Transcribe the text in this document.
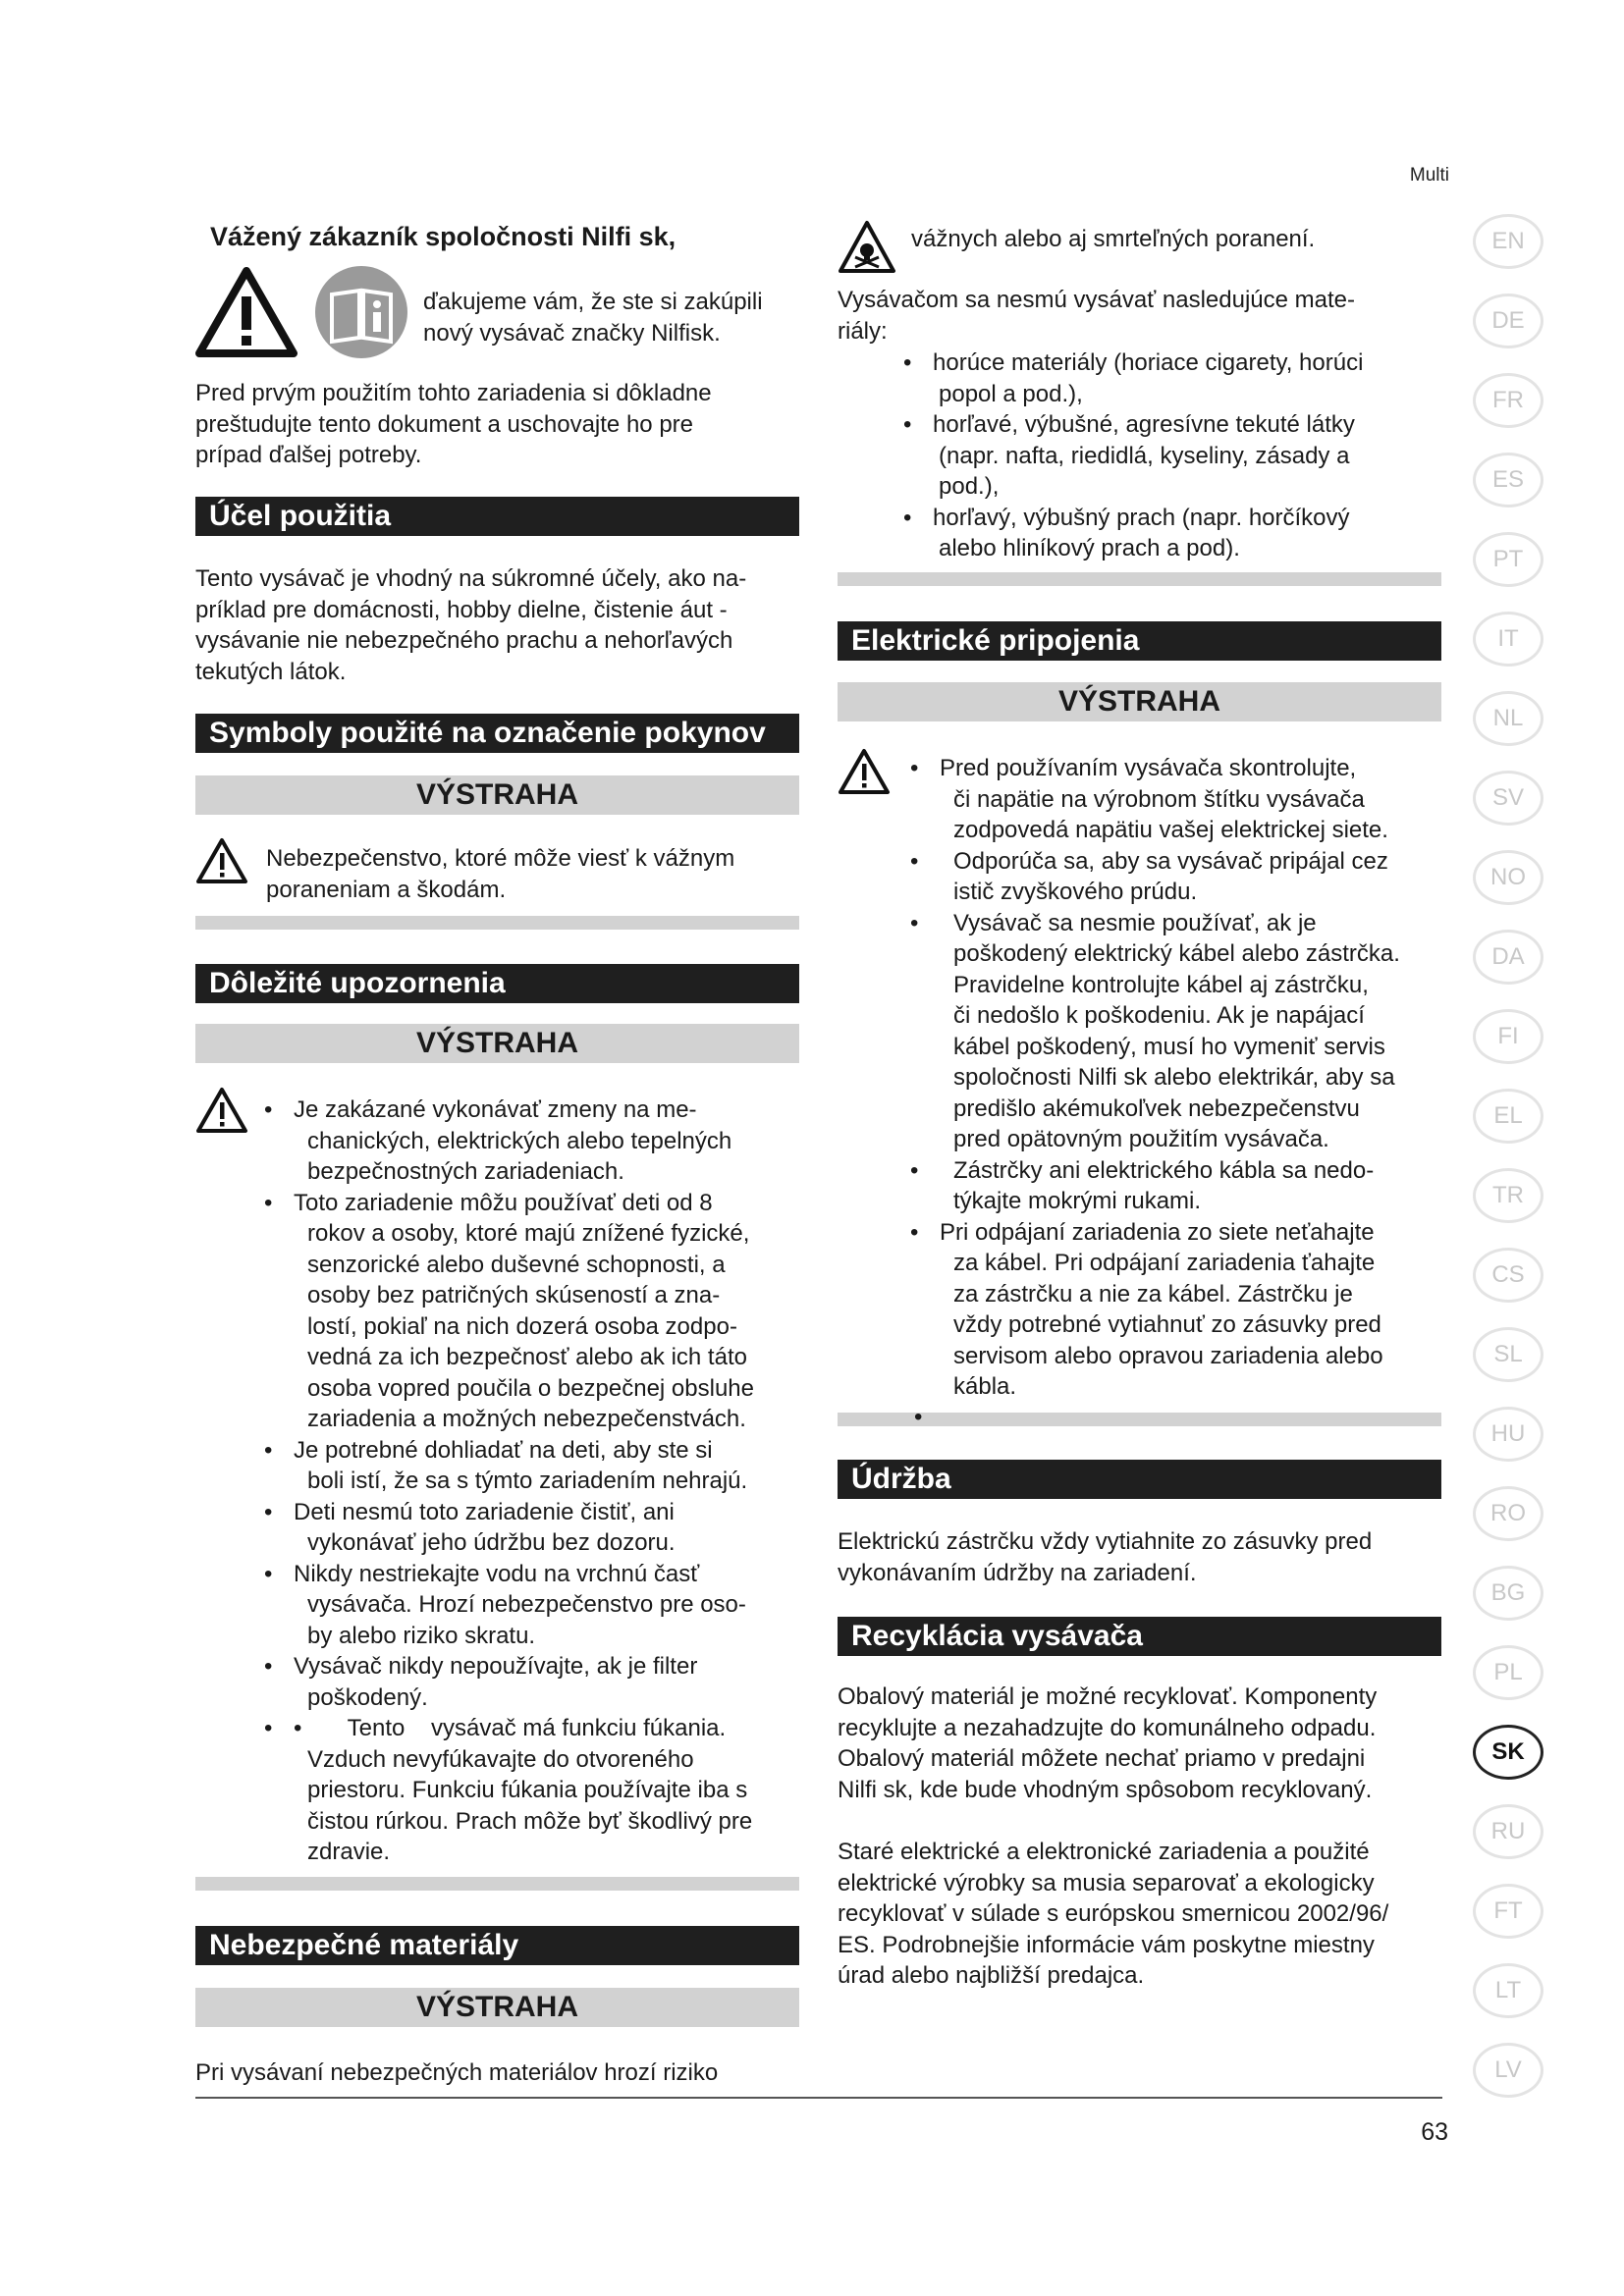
Multi
Vážený zákazník spoločnosti Nilfi sk,
ďakujeme vám, že ste si zakúpili
nový vysávač značky Nilfisk.
Pred prvým použitím tohto zariadenia si dôkladne
preštudujte tento dokument a uschovajte ho pre
prípad ďalšej potreby.
Účel použitia
Tento vysávač je vhodný na súkromné účely, ako na-
príklad pre domácnosti, hobby dielne, čistenie áut -
vysávanie nie nebezpečného prachu a nehorľavých
tekutých látok.
Symboly použité na označenie pokynov
VÝSTRAHA
Nebezpečenstvo, ktoré môže viesť k vážnym
poraneniam a škodám.
Dôležité upozornenia
VÝSTRAHA
• Je zakázané vykonávať zmeny na me-
chanických, elektrických alebo tepelných
bezpečnostných zariadeniach.
• Toto zariadenie môžu používať deti od 8
rokov a osoby, ktoré majú znížené fyzické,
senzorické alebo duševné schopnosti, a
osoby bez patričných skúseností a zna-
lostí, pokiaľ na nich dozerá osoba zodpo-
vedná za ich bezpečnosť alebo ak ich táto
osoba vopred poučila o bezpečnej obsluhe
zariadenia a možných nebezpečenstvách.
• Je potrebné dohliadať na deti, aby ste si
boli istí, že sa s týmto zariadením nehrajú.
• Deti nesmú toto zariadenie čistiť, ani
vykonávať jeho údržbu bez dozoru.
• Nikdy nestriekajte vodu na vrchnú časť
vysávača. Hrozí nebezpečenstvo pre oso-
by alebo riziko skratu.
• Vysávač nikdy nepoužívajte, ak je filter
poškodený.
• •       Tento    vysávač má funkciu fúkania.
Vzduch nevyfúkavajte do otvoreného
priestoru. Funkciu fúkania používajte iba s
čistou rúrkou. Prach môže byť škodlivý pre
zdravie.
Nebezpečné materiály
VÝSTRAHA
Pri vysávaní nebezpečných materiálov hrozí riziko
vážnych alebo aj smrteľných poranení.
Vysávačom sa nesmú vysávať nasledujúce mate-
riály:
• horúce materiály (horiace cigarety, horúci
popol a pod.),
• horľavé, výbušné, agresívne tekuté látky
(napr. nafta, riedidlá, kyseliny, zásady a
pod.),
• horľavý, výbušný prach (napr. horčíkový
alebo hliníkový prach a pod).
Elektrické pripojenia
VÝSTRAHA
• Pred používaním vysávača skontrolujte,
či napätie na výrobnom štítku vysávača
zodpovedá napätiu vašej elektrickej siete.
• Odporúča sa, aby sa vysávač pripájal cez
istič zvyškového prúdu.
• Vysávač sa nesmie používať, ak je
poškodený elektrický kábel alebo zástrčka.
Pravidelne kontrolujte kábel aj zástrčku,
či nedošlo k poškodeniu. Ak je napájací
kábel poškodený, musí ho vymeniť servis
spoločnosti Nilfi sk alebo elektrikár, aby sa
predišlo akémukoľvek nebezpečenstvu
pred opätovným použitím vysávača.
• Zástrčky ani elektrického kábla sa nedo-
týkajte mokrými rukami.
• Pri odpájaní zariadenia zo siete neťahajte
za kábel. Pri odpájaní zariadenia ťahajte
za zástrčku a nie za kábel. Zástrčku je
vždy potrebné vytiahnuť zo zásuvky pred
servisom alebo opravou zariadenia alebo
kábla.
•
Údržba
Elektrickú zástrčku vždy vytiahnite zo zásuvky pred
vykonávaním údržby na zariadení.
Recyklácia vysávača
Obalový materiál je možné recyklovať. Komponenty
recyklujte a nezahadzujte do komunálneho odpadu.
Obalový materiál môžete nechať priamo v predajni
Nilfi sk, kde bude vhodným spôsobom recyklovaný.
Staré elektrické a elektronické zariadenia a použité
elektrické výrobky sa musia separovať a ekologicky
recyklovať v súlade s európskou smernicou 2002/96/
ES. Podrobnejšie informácie vám poskytne miestny
úrad alebo najbližší predajca.
EN
DE
FR
ES
PT
IT
NL
SV
NO
DA
FI
EL
TR
CS
SL
HU
RO
BG
PL
SK
RU
FT
LT
LV
63
